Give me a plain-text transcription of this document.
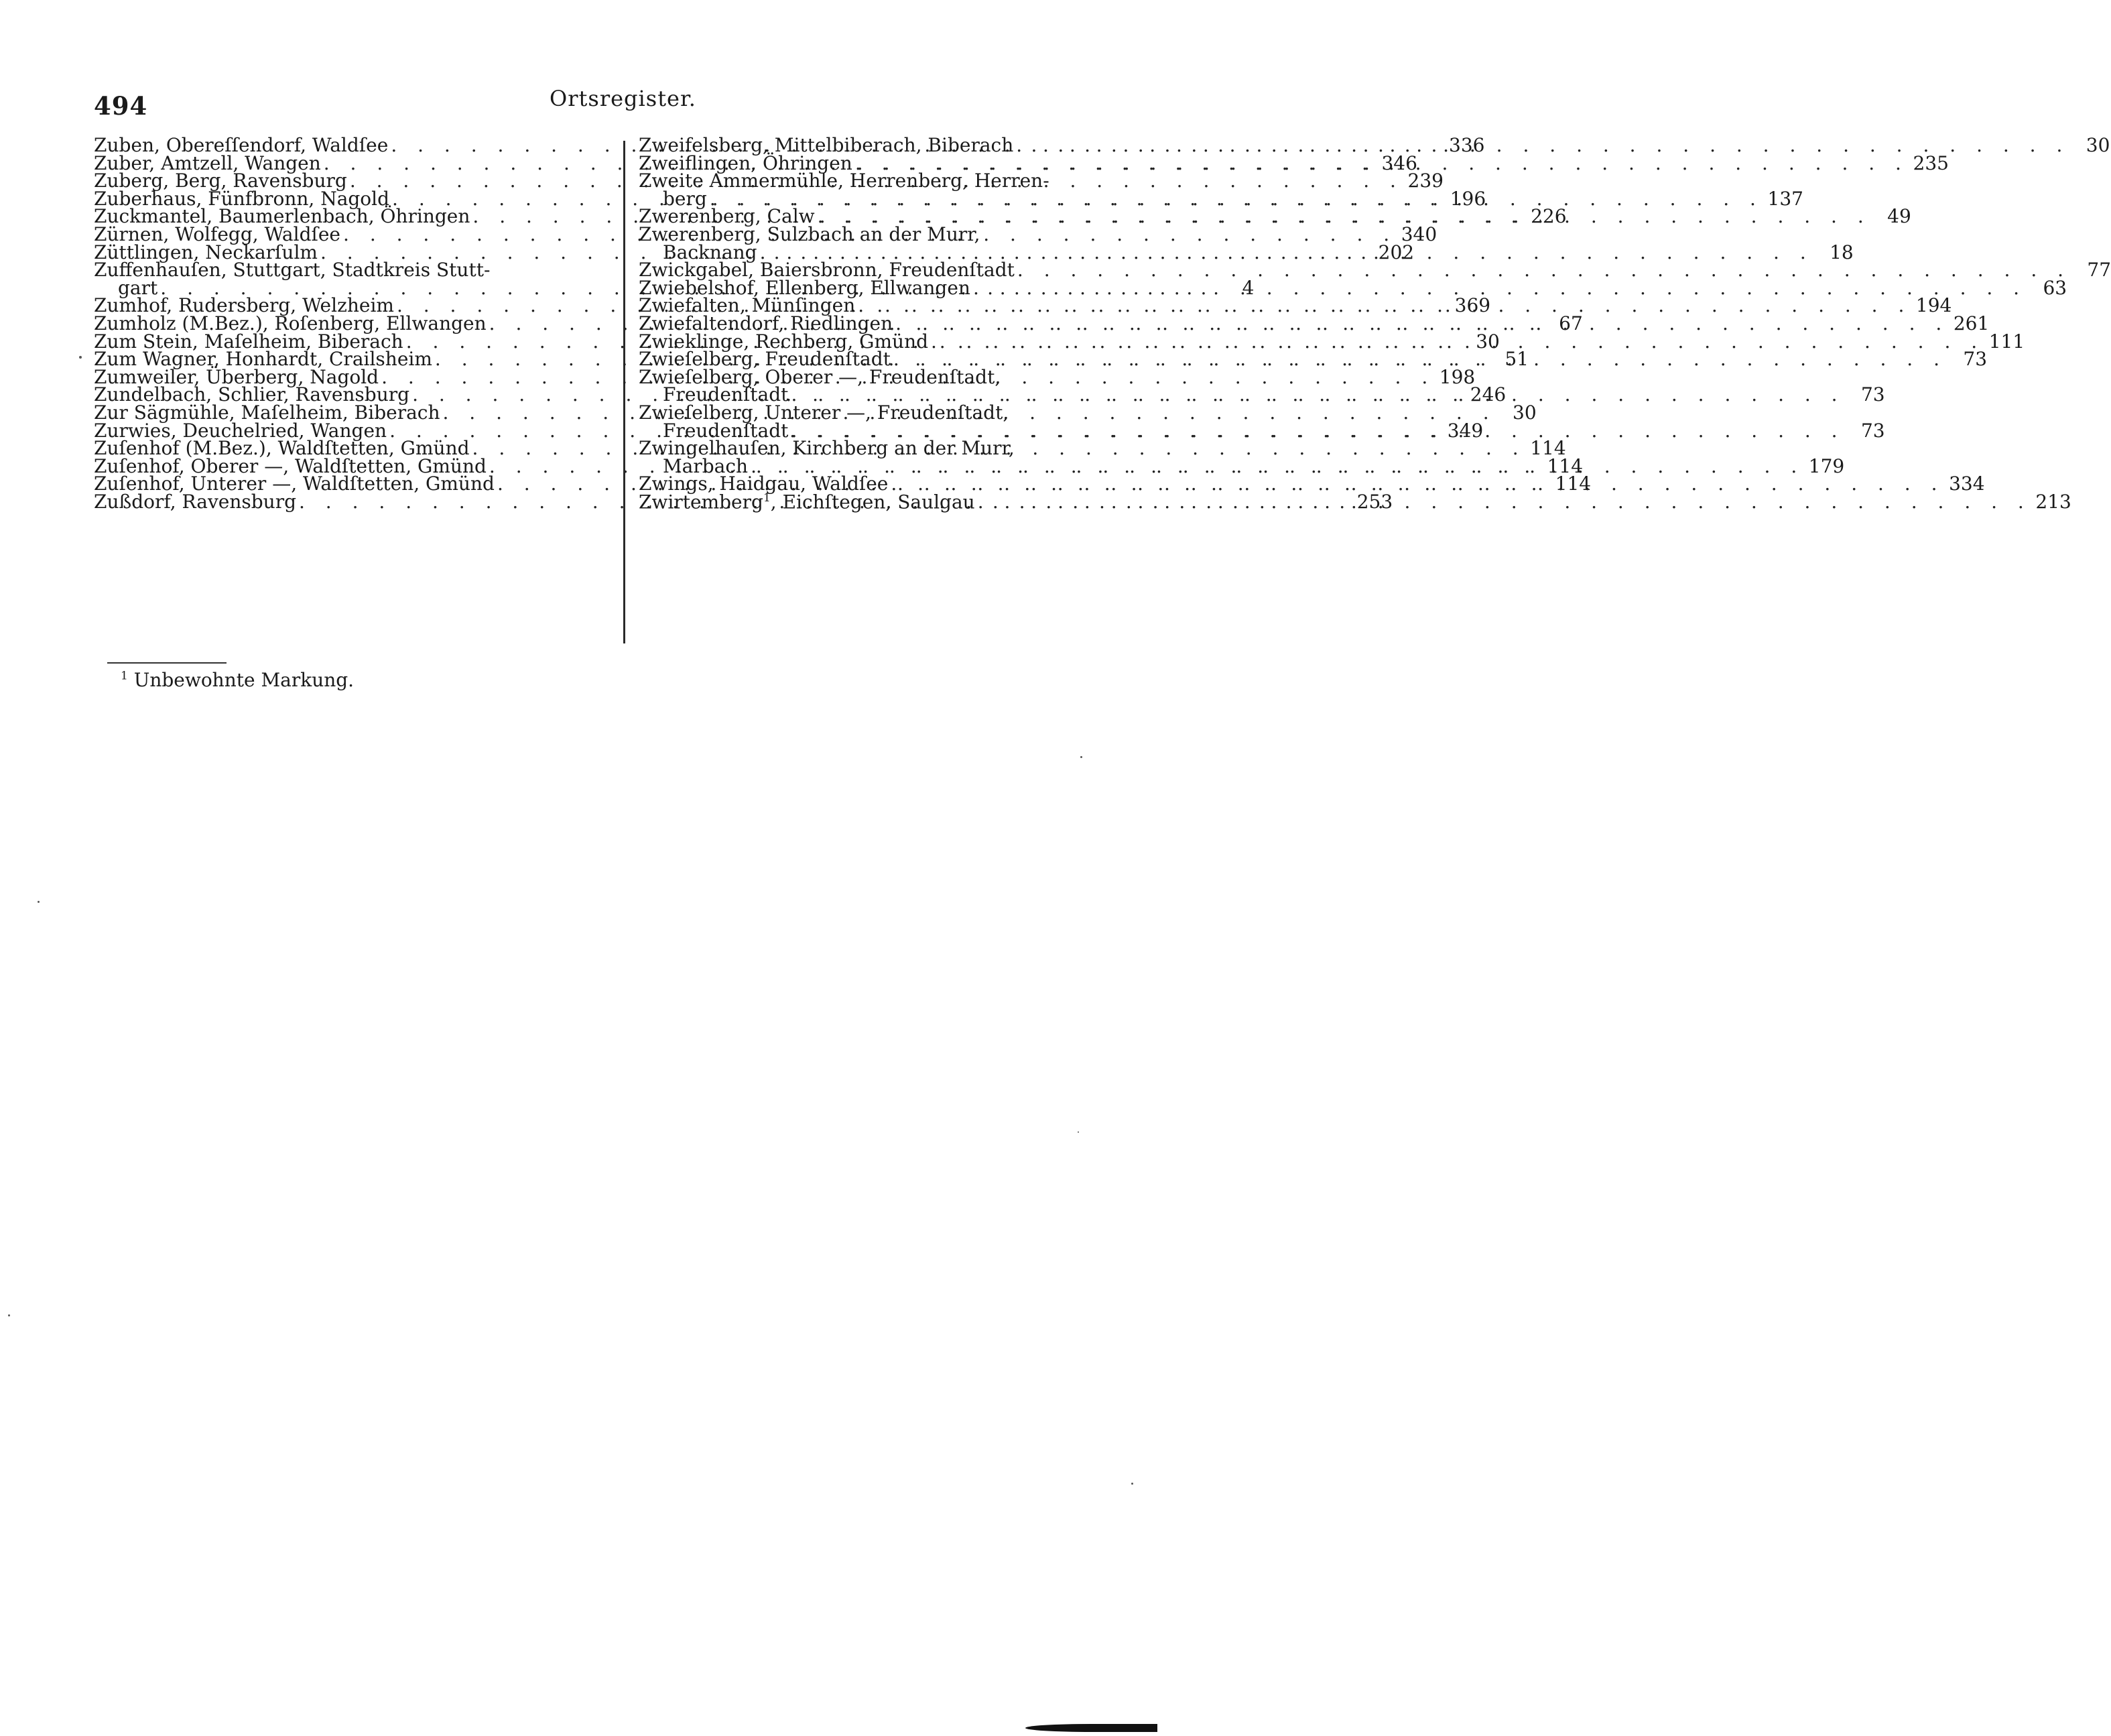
494	Ortsregister.
Zuben, Obereſſendorf, Waldſee . . .	336
Zuber, Amtzell, Wangen . . .	346
Zuberg, Berg, Ravensburg . . .	239
Zuberhaus, Fünfbronn, Nagold . . .	196
Zuckmantel, Baumerlenbach, Öhringen . . .	226
Zürnen, Wolfegg, Waldſee . . .	340
Züttlingen, Neckarſulm . . .	202
Zuffenhauſen, Stuttgart, Stadtkreis Stutt-
gart . . .	4
Zumhof, Rudersberg, Welzheim . . .	369
Zumholz (M.Bez.), Roſenberg, Ellwangen . . .	67
Zum Stein, Maſelheim, Biberach . . .	30
Zum Wagner, Honhardt, Crailsheim . . .	51
Zumweiler, Überberg, Nagold . . .	198
Zundelbach, Schlier, Ravensburg . . .	246
Zur Sägmühle, Maſelheim, Biberach . . .	30
Zurwies, Deuchelried, Wangen . . .	349
Zuſenhof (M.Bez.), Waldſtetten, Gmünd . . .	114
Zuſenhof, Oberer —, Waldſtetten, Gmünd . . .	114
Zuſenhof, Unterer —, Waldſtetten, Gmünd . . .	114
Zußdorf, Ravensburg . . .	253
Zweifelsberg, Mittelbiberach, Biberach . . .	30
Zweiflingen, Öhringen . . .	235
Zweite Ammermühle, Herrenberg, Herren-
berg . . .	137
Zwerenberg, Calw . . .	49
Zwerenberg, Sulzbach an der Murr,
Backnang . . .	18
Zwickgabel, Baiersbronn, Freudenſtadt . . .	77
Zwiebelshof, Ellenberg, Ellwangen . . .	63
Zwiefalten, Münſingen . . .	194
Zwiefaltendorf, Riedlingen . . .	261
Zwieklinge, Rechberg, Gmünd . . .	111
Zwieſelberg, Freudenſtadt . . .	73
Zwieſelberg, Oberer —, Freudenſtadt,
Freudenſtadt . . .	73
Zwieſelberg, Unterer —, Freudenſtadt,
Freudenſtadt . . .	73
Zwingelhauſen, Kirchberg an der Murr,
Marbach . . .	179
Zwings, Haidgau, Waldſee . . .	334
Zwirtemberg$^1$, Eichſtegen, Saulgau . . .	213
$^1$ Unbewohnte Markung.
